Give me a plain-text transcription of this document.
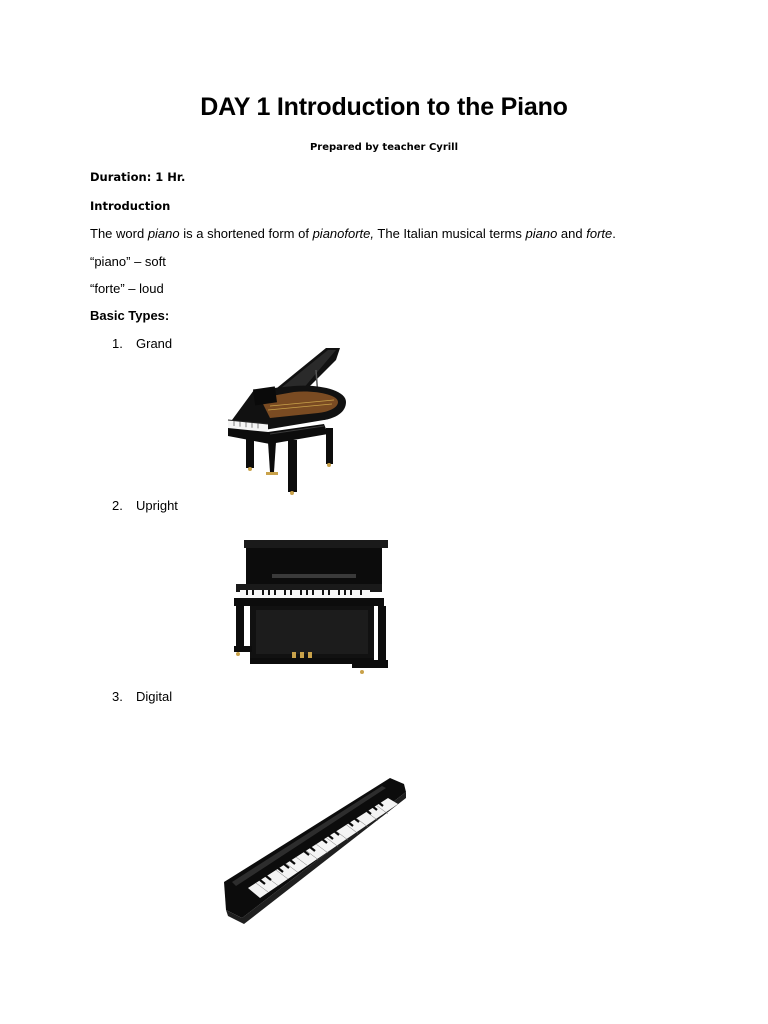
DAY 1 Introduction to the Piano
Prepared by teacher Cyrill
Duration: 1 Hr.
Introduction
The word piano is a shortened form of pianoforte, The Italian musical terms piano and forte.
“piano” – soft
“forte” – loud
Basic Types:
1. Grand
2. Upright
3. Digital
